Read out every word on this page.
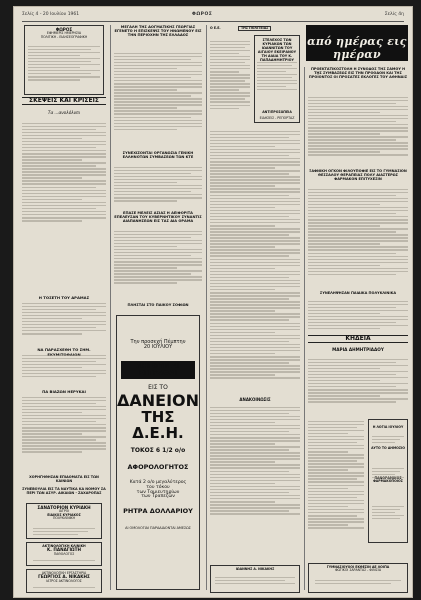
Σελίς 4 - 20 Ιουλίου 1961	ΦΩΡΟΣ	Σελίς 4η
ΦΩΡΟΣ
ΕΦΗΜΕΡΙΣ ΗΜΕΡΗΣΙΑ
ΠΟΛΙΤΙΚΗ - ΕΙΔΗΣΕΟΓΡΑΦΙΚΗ
ΣΚΕΨΕΙΣ ΚΑΙ ΚΡΙΣΕΙΣ
Τα ...ανολόλυπι
Η ΤΟΣΕΤΗ ΤΟΥ ΔΡΑΜΑΣ
ΝΑ ΠΑΡΑΣΧΕΘΗ ΤΟ ΣΗΜ.
ΠΑ ΒΙΑΖΩΝ ΗΕΡΥΚΑΙ
ΧΟΡΗΓΗΘΗΣΑΝ ΕΠΙΔΟΜΑΤΑ ΕΙΣ ΤΩΝ ΚΑΙΝΙΩΝ
ΣΥΝΕΒΟΥΛΙΑ ΕΙΣ ΤΑ ΝΑΥΤΙΚΑ ΚΑ ΝΟΜΟΥ ΣΑ ΠΕΡΙ ΤΩΝ ΑΣΥΡ. ΔΙΚΑΙΩΝ - ΖΑΧΑΡΟΠΑΣ
ΣΑΝΑΤΟΡΙΟΝ ΚΥΡΙΑΚΗ
ΙΑΤΡΟΙ
ΕΙΔΙΚΟΣ ΚΥΡΙΑΚΟΣ
ΠΟΛΥΚΛΙΝΙΚΗ
ΑΚΤΙΝΟΛΟΓΙΚΗ ΚΛΙΝΙΚΗ
Κ. ΠΑΝΑΓΙΩΤΗ
ΠΑΘΟΛΟΓΟΣ
ΑΚΤΙΝΟΛΟΓΙΚΗ ΕΡΓΑΣΤΗΡΙΑ
ΓΕΩΡΓΙΟΣ Α. ΝΙΚΑΚΗΣ
ΙΑΤΡΟΣ ΑΚΤΙΝΟΛΟΓΟΣ
ΜΕΓΑΛΗ ΤΗΣ ΔΟΓΜΑΤΙΚΗΣ ΓΕΩΡΓΙΑΣ ΕΓΕΝΕΤΟ Η ΕΠΙΣΚΕΨΙΣ ΤΟΥ ΗΝΩΜΕΝΟΥ ΕΙΣ ΤΗΝ ΠΕΡΙΟΧΗΝ ΤΗΣ ΕΛΛΑΔΟΣ
ΣΥΝΕΧΙΖΟΝΤΑΙ ΟΡΓΑΝΩΣΙΑ ΓΕΝΙΚΗ ΕΛΛΗΝΟΤΩΝ ΣΥΜΒΑΣΕΩΝ ΤΩΝ ΚΤΕ
ΕΠΑΣΕ ΜΕΛΕΙΣ ΑΣΙΑΣ Η ΑΕΙΦΟΡΙΤΑ ΕΠΕΛΕΥΣΑΝ ΤΟΥ ΚΥΒΕΡΝΗΤΙΚΟΥ ΣΥΝΑΝΤΙΣ ΔΙΑΠΑΝΗΣΕΩΝ ΕΙΣ ΤΑΣ ΔΙΑ ΟΡΑΜΑ
ΠΛΗΣΤΑΙ ΣΤΟ ΠΑΙΚΟΥ ΣΟΦΙΩΝ
Την προσεχή Πέμπτην
20 ΙΟΥΛΙΟΥ
ΛΗΓΟΥΝ ΑΙ ΕΓΓΡΑΦΑΙ
ΕΙΣ ΤΟ
ΔΑΝΕΙΟΝ
ΤΗΣ Δ.Ε.Η.
ΤΟΚΟΣ 6 1/2 ο/ο
ΑΦΟΡΟΛΟΓΗΤΟΣ
Κατά 2 ο/ο μεγαλύτερος
του τόκου
των Ταμιευτηρίων
των Τραπεζών
ΡΗΤΡΑ ΔΟΛΛΑΡΙΟΥ
ΑΙ ΟΜΟΛΟΓΙΑΙ ΠΑΡΑΔΙΔΟΝΤΑΙ ΑΜΕΣΩΣ
Ο Ε.Ε.	ΤΗΣ ΠΟΛΙΤΕΙΑΣ
ΣΤΕΛΕΧΟΣ ΤΩΝ ΚΥΡΙΑΚΩΝ ΤΩΝ ΙΩΑΝΝΙΤΩΝ ΤΟΥ ΑΙΓΑΙΟΥ ΕΚΕΙΡΑΝΟΥ ΤΗ ΔΙΑΙΑ ΤΟΥ Κ. ΠΑΠΑΔΗΜΗΤΡΙΟΥ
ΑΝΤΙΠΡΟΣΩΠΕΙΑ
ΕΙΔΗΣΕΙΣ - ΡΕΠΟΡΤΑΖ
ΑΝΑΚΟΙΝΩΣΙΣ
ΙΩΑΝΝΗΣ Α. ΝΙΚΑΚΗΣ
από ημέρας εις ημέραν
ΠΡΟΕΚΤΑΤΙΚΟΣΤΟΛΗ Η ΣΥΝΟΔΟΣ ΤΗΣ ΣΑΜΟΥ Η ΤΗΣ ΣΥΜΒΑΣΕΩΣ ΕΙΣ ΤΗΝ ΠΡΟΟΔΟΝ ΚΑΙ ΤΗΣ ΠΡΟΪΟΝΤΟΣ ΟΙ ΠΡΟΣΑΤΕΣ ΕΚΛΟΓΕΣ ΤΟΥ ΑΘΗΝΑΙΣ
ΞΑΦΝΙΚΗ ΟΓΚΟΝ ΦΙΛΟΥΠΟΦΙΕ ΕΙΣ ΤΟ ΓΥΜΝΑΣΙΟΝ ΘΕΣΣΑΛΟΥ ΘΕΡΑΠΕΙΑΣ ΠΟΛΥ ΔΙΑΣΤΕΡΩΣ ΦΑΡΜΑΚΟΝ ΕΠΙΤΥΧΕΣΙΝ
ΣΥΝΕΛΗΨΗΣΑΝ ΠΑΙΔΙΚΑ ΠΟΛΥΚΛΙΝΙΚΑ
ΚΗΔΕΙΑ
ΜΑΡΙΑ ΔΗΜΗΤΡΙΑΔΟΥ
Η ΛΟΓΙΑ ΙΟΥΛΙΟΥ
ΑΥΤΟ ΤΟ ΔΗΜΟΣΙΟ
ΦΑΡΜΑΚΟΠΟΙΟΣ
ΓΥΜΝΑΣΙΟΥΧΟΙ ΕΚΘΕΣΙΝ ΔΕ ΛΟΙΠΑ
ΦΩΤΙΚΟΙ ΣΑΡΑΝΤΑΣ - ΦΙΛΙΣΙΑ
